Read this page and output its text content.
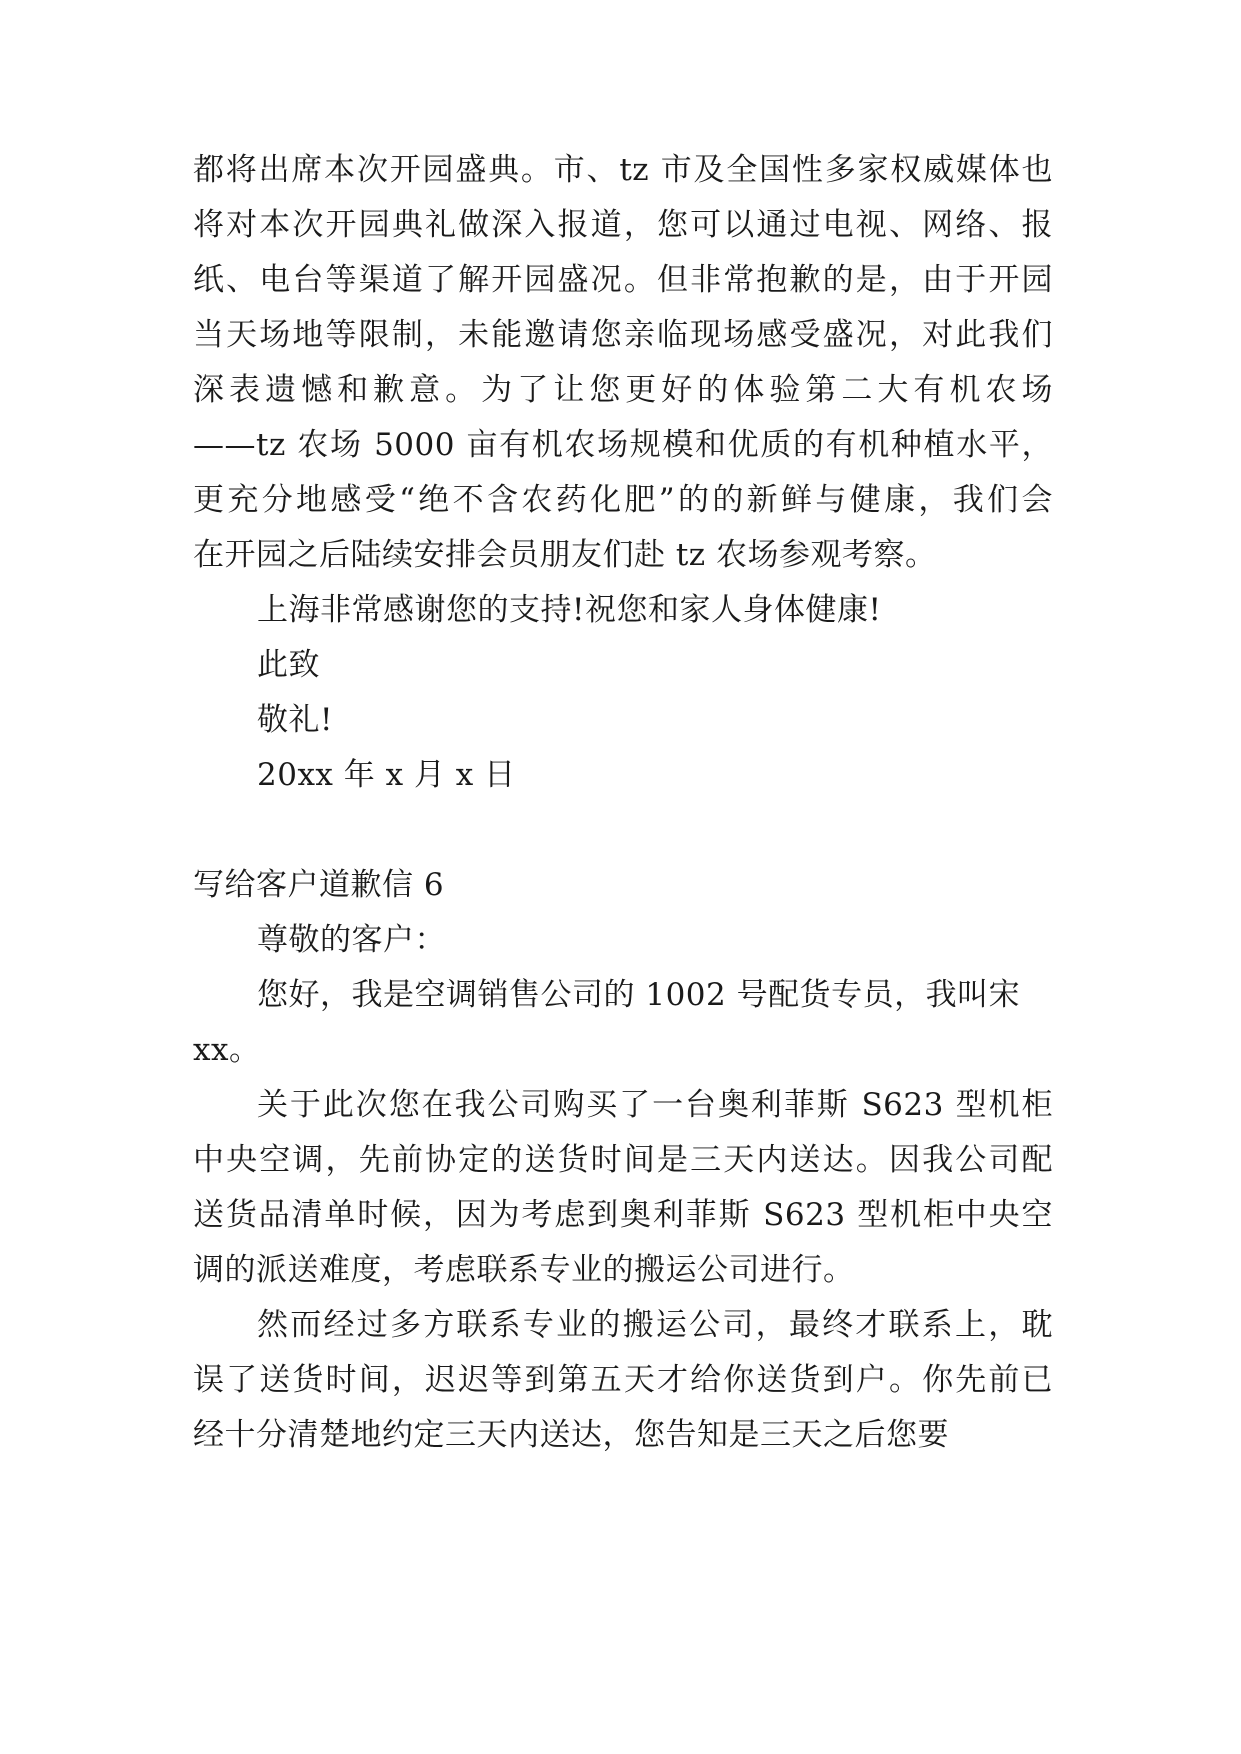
都将出席本次开园盛典。市、tz 市及全国性多家权威媒体也
将对本次开园典礼做深入报道，您可以通过电视、网络、报
纸、电台等渠道了解开园盛况。但非常抱歉的是，由于开园
当天场地等限制，未能邀请您亲临现场感受盛况，对此我们
深表遗憾和歉意。为了让您更好的体验第二大有机农场
——tz 农场 5000 亩有机农场规模和优质的有机种植水平，
更充分地感受“绝不含农药化肥”的的新鲜与健康，我们会
在开园之后陆续安排会员朋友们赴 tz 农场参观考察。
上海非常感谢您的支持!祝您和家人身体健康!
此致
敬礼!
20xx 年 x 月 x 日
写给客户道歉信 6
尊敬的客户：
您好，我是空调销售公司的 1002 号配货专员，我叫宋
xx。
关于此次您在我公司购买了一台奥利菲斯 S623 型机柜
中央空调，先前协定的送货时间是三天内送达。因我公司配
送货品清单时候，因为考虑到奥利菲斯 S623 型机柜中央空
调的派送难度，考虑联系专业的搬运公司进行。
然而经过多方联系专业的搬运公司，最终才联系上，耽
误了送货时间，迟迟等到第五天才给你送货到户。你先前已
经十分清楚地约定三天内送达，您告知是三天之后您要
